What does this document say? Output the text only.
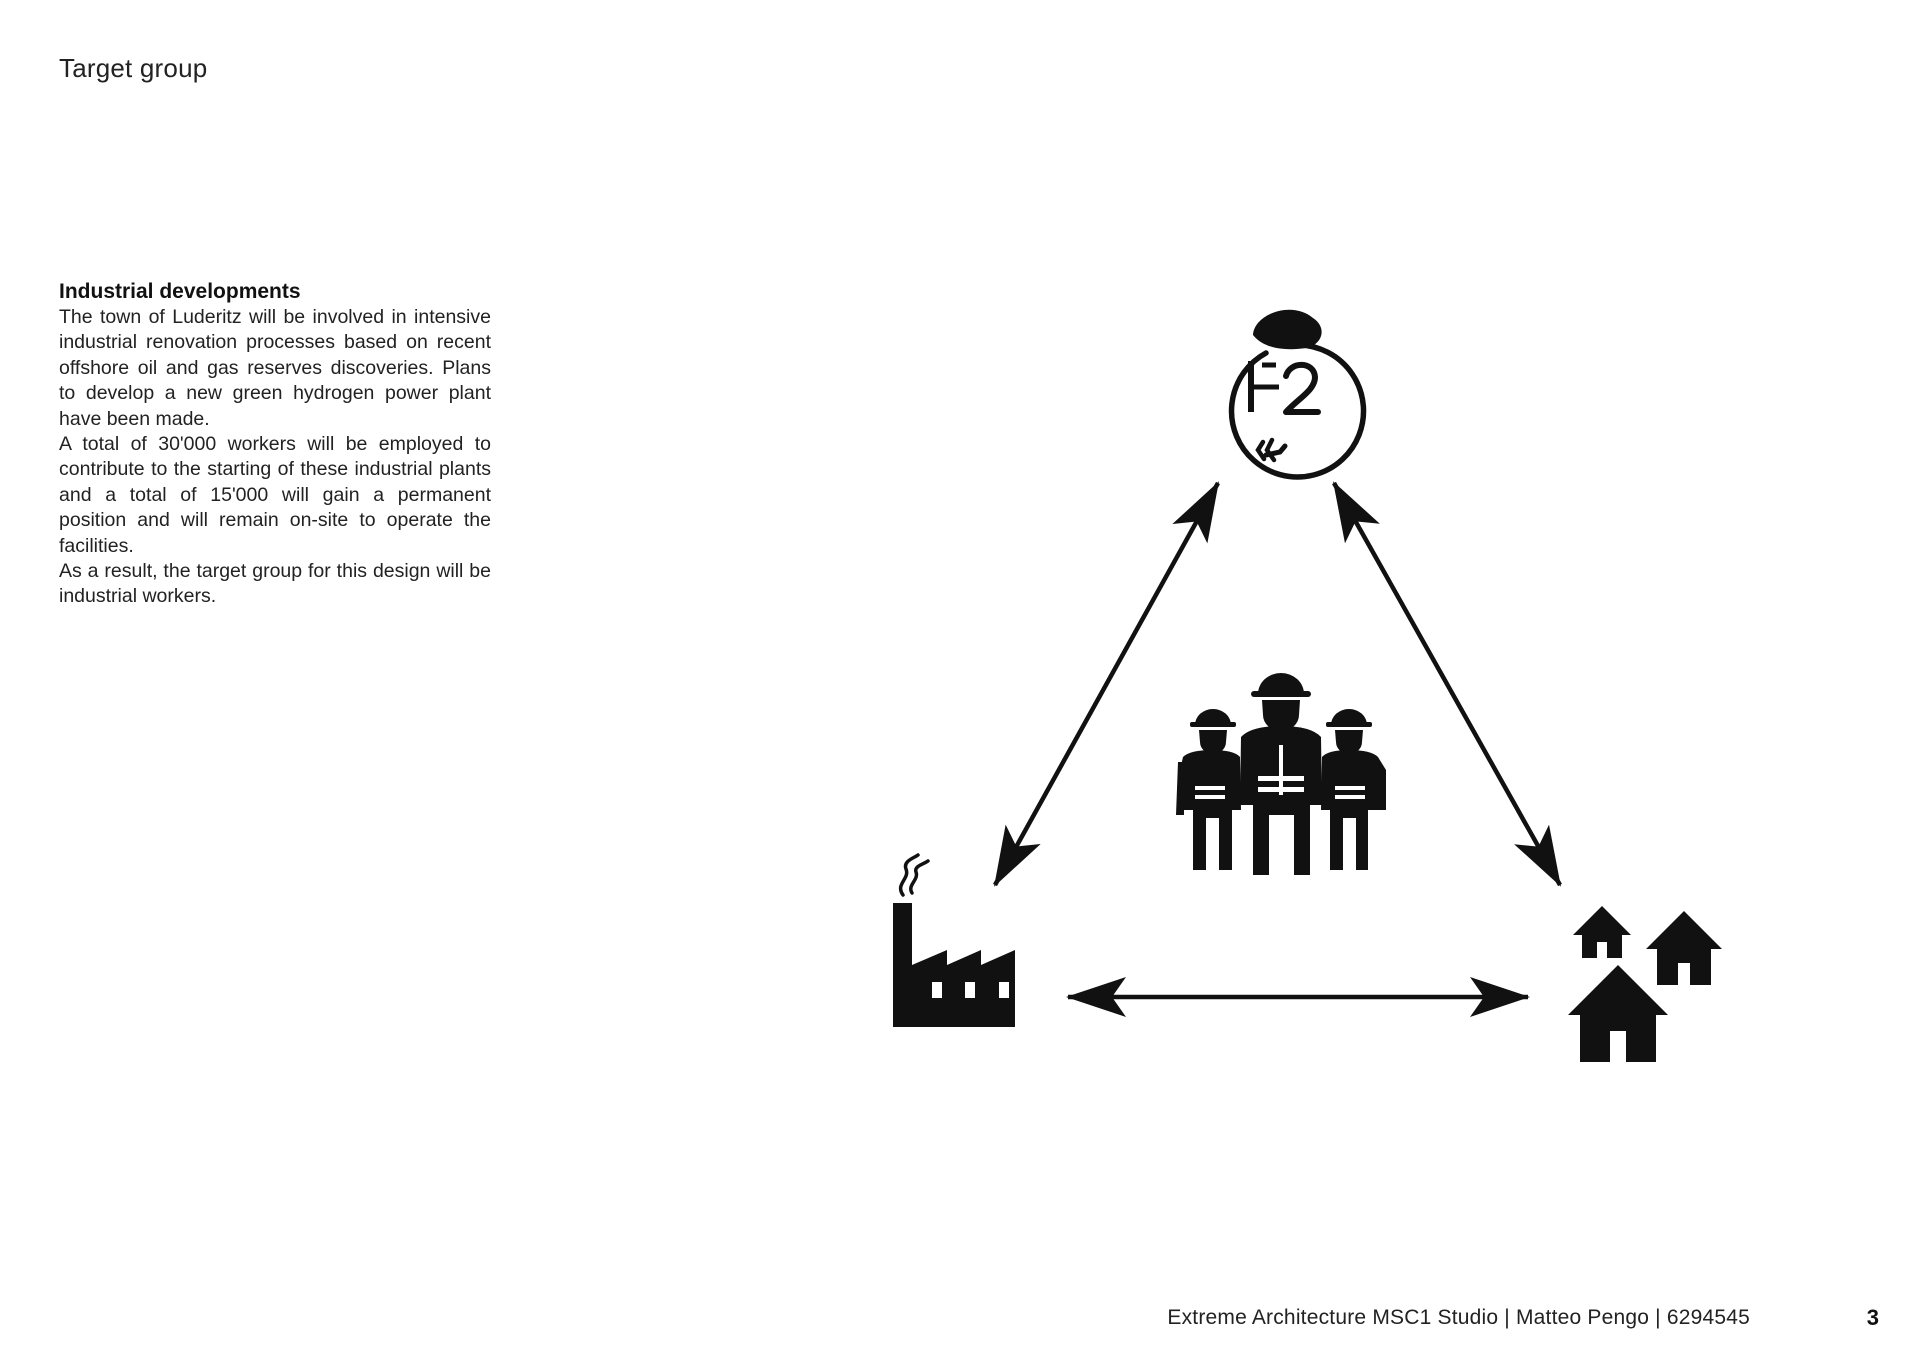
Target group
Industrial developments

The town of Luderitz will be involved in intensive industrial renovation processes based on recent offshore oil and gas reserves discoveries. Plans to develop a new green hydrogen power plant have been made.

A total of 30'000 workers will be employed to contribute to the starting of these industrial plants and a total of 15'000 will gain a permanent position and will remain on-site to operate the facilities.

As a result, the target group for this design will be industrial workers.

Extreme Architecture MSC1 Studio | Matteo Pengo | 6294545	3
